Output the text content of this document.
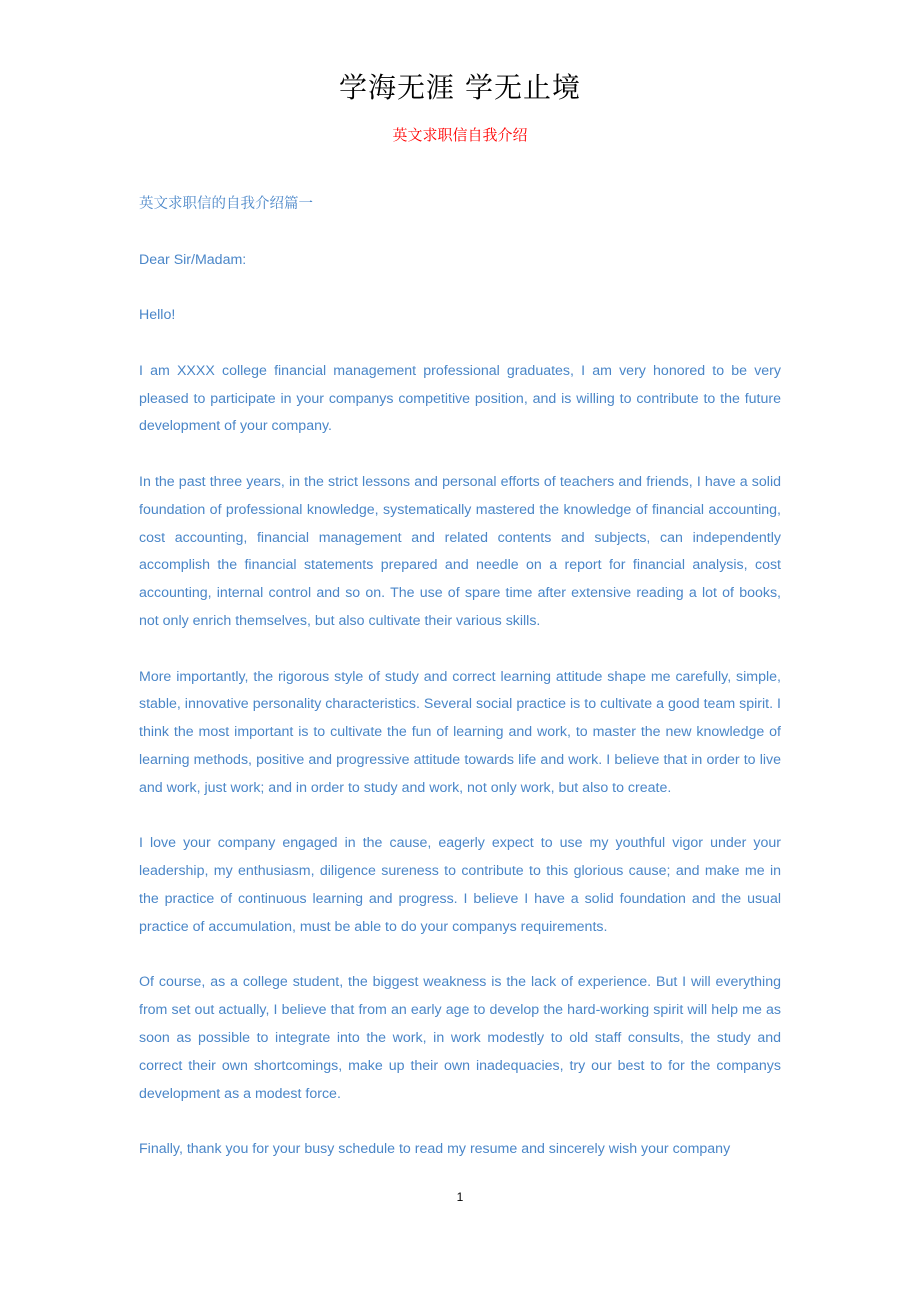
学海无涯 学无止境
英文求职信自我介绍

英文求职信的自我介绍篇一

Dear Sir/Madam:

Hello!

I am XXXX college financial management professional graduates, I am very honored to be very pleased to participate in your companys competitive position, and is willing to contribute to the future development of your company.

In the past three years, in the strict lessons and personal efforts of teachers and friends, I have a solid foundation of professional knowledge, systematically mastered the knowledge of financial accounting, cost accounting, financial management and related contents and subjects, can independently accomplish the financial statements prepared and needle on a report for financial analysis, cost accounting, internal control and so on. The use of spare time after extensive reading a lot of books, not only enrich themselves, but also cultivate their various skills.

More importantly, the rigorous style of study and correct learning attitude shape me carefully, simple, stable, innovative personality characteristics. Several social practice is to cultivate a good team spirit. I think the most important is to cultivate the fun of learning and work, to master the new knowledge of learning methods, positive and progressive attitude towards life and work. I believe that in order to live and work, just work; and in order to study and work, not only work, but also to create.

I love your company engaged in the cause, eagerly expect to use my youthful vigor under your leadership, my enthusiasm, diligence sureness to contribute to this glorious cause; and make me in the practice of continuous learning and progress. I believe I have a solid foundation and the usual practice of accumulation, must be able to do your companys requirements.

Of course, as a college student, the biggest weakness is the lack of experience. But I will everything from set out actually, I believe that from an early age to develop the hard-working spirit will help me as soon as possible to integrate into the work, in work modestly to old staff consults, the study and correct their own shortcomings, make up their own inadequacies, try our best to for the companys development as a modest force.

Finally, thank you for your busy schedule to read my resume and sincerely wish your company

1
